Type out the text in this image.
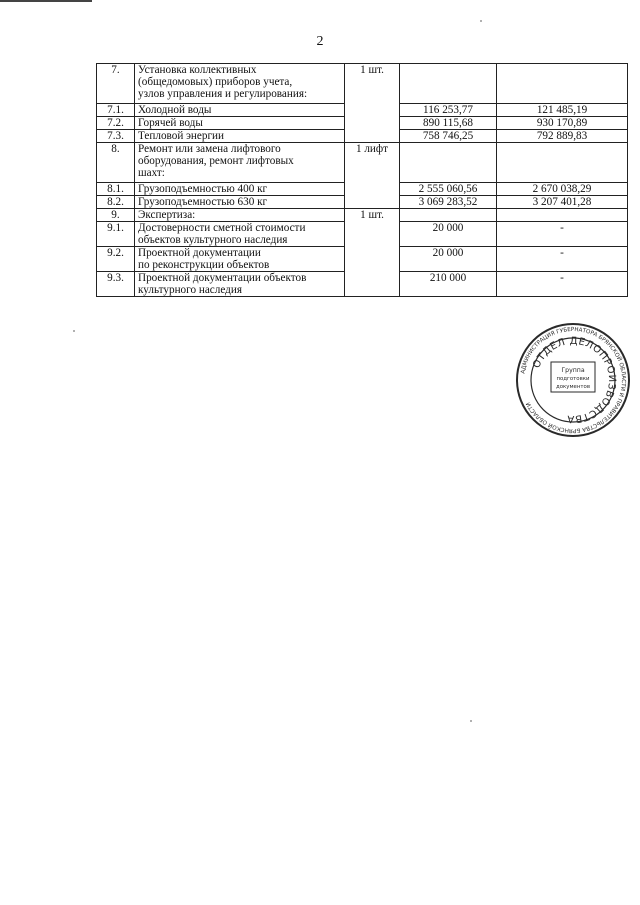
2
7.	Установка коллективных
(общедомовых) приборов учета,
узлов управления и регулирования:	1 шт.		
7.1.	Холодной воды		116 253,77	121 485,19
7.2.	Горячей воды		890 115,68	930 170,89
7.3.	Тепловой энергии		758 746,25	792 889,83
8.	Ремонт или замена лифтового
оборудования, ремонт лифтовых
шахт:	1 лифт		
8.1.	Грузоподъемностью 400 кг		2 555 060,56	2 670 038,29
8.2.	Грузоподъемностью 630 кг		3 069 283,52	3 207 401,28
9.	Экспертиза:	1 шт.		
9.1.	Достоверности сметной стоимости
объектов культурного наследия		20 000	-
9.2.	Проектной документации
по реконструкции объектов		20 000	-
9.3.	Проектной документации объектов
культурного наследия		210 000	-
АДМИНИСТРАЦИЯ ГУБЕРНАТОРА БРЯНСКОЙ ОБЛАСТИ И ПРАВИТЕЛЬСТВА БРЯНСКОЙ ОБЛАСТИ
ОТДЕЛ ДЕЛОПРОИЗВОДСТВА
Группа
подготовки
документов
